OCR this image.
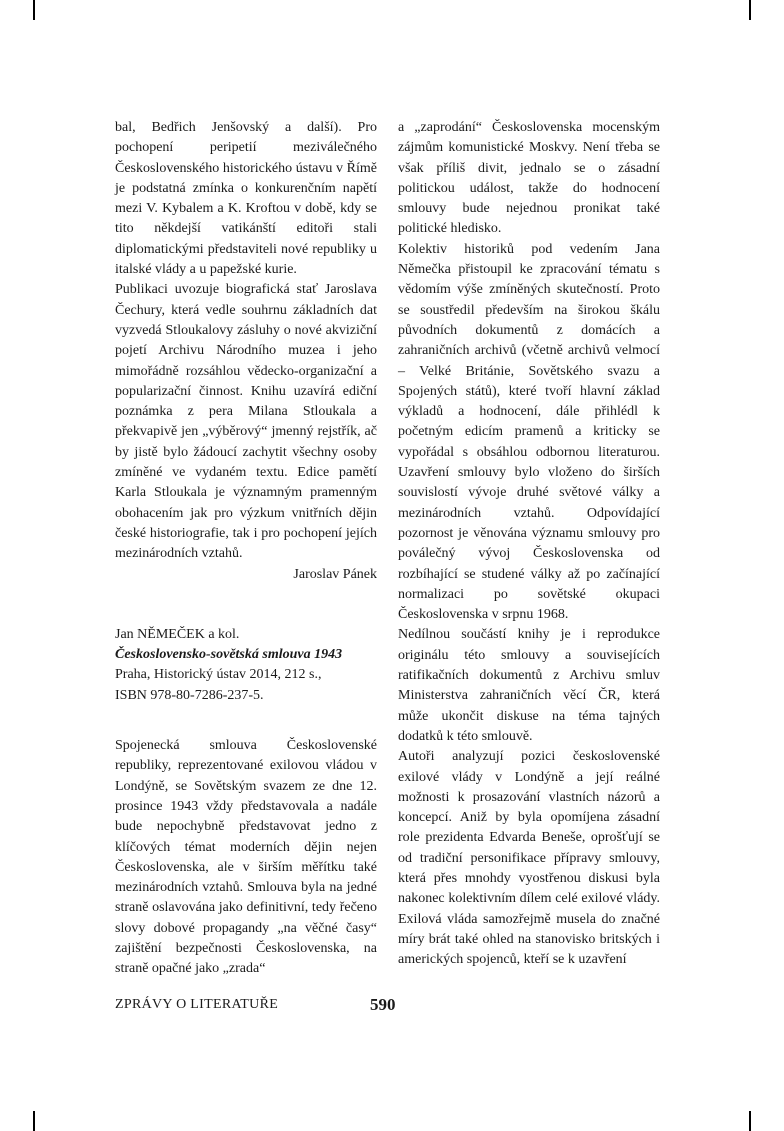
bal, Bedřich Jenšovský a další). Pro pochopení peripetií meziválečného Československého historického ústavu v Římě je podstatná zmínka o konkurenčním napětí mezi V. Kybalem a K. Kroftou v době, kdy se tito někdejší vatikánští editoři stali diplomatickými představiteli nové republiky u italské vlády a u papežské kurie.

Publikaci uvozuje biografická stať Jaroslava Čechury, která vedle souhrnu základních dat vyzvedá Stloukalovy zásluhy o nové akviziční pojetí Archivu Národního muzea i jeho mimořádně rozsáhlou vědecko-organizační a popularizační činnost. Knihu uzavírá ediční poznámka z pera Milana Stloukala a překvapivě jen „výběrový“ jmenný rejstřík, ač by jistě bylo žádoucí zachytit všechny osoby zmíněné ve vydaném textu. Edice pamětí Karla Stloukala je významným pramenným obohacením jak pro výzkum vnitřních dějin české historiografie, tak i pro pochopení jejích mezinárodních vztahů.

Jaroslav Pánek

Jan NĚMEČEK a kol.

Československo-sovětská smlouva 1943

Praha, Historický ústav 2014, 212 s.,

ISBN 978-80-7286-237-5.

Spojenecká smlouva Československé republiky, reprezentované exilovou vládou v Londýně, se Sovětským svazem ze dne 12. prosince 1943 vždy představovala a nadále bude nepochybně představovat jedno z klíčových témat moderních dějin nejen Československa, ale v širším měřítku také mezinárodních vztahů. Smlouva byla na jedné straně oslavována jako definitivní, tedy řečeno slovy dobové propagandy „na věčné časy“ zajištění bezpečnosti Československa, na straně opačné jako „zrada“

a „zaprodání“ Československa mocenským zájmům komunistické Moskvy. Není třeba se však příliš divit, jednalo se o zásadní politickou událost, takže do hodnocení smlouvy bude nejednou pronikat také politické hledisko.

Kolektiv historiků pod vedením Jana Němečka přistoupil ke zpracování tématu s vědomím výše zmíněných skutečností. Proto se soustředil především na širokou škálu původních dokumentů z domácích a zahraničních archivů (včetně archivů velmocí – Velké Británie, Sovětského svazu a Spojených států), které tvoří hlavní základ výkladů a hodnocení, dále přihlédl k početným edicím pramenů a kriticky se vypořádal s obsáhlou odbornou literaturou. Uzavření smlouvy bylo vloženo do širších souvislostí vývoje druhé světové války a mezinárodních vztahů. Odpovídající pozornost je věnována významu smlouvy pro poválečný vývoj Československa od rozbíhající se studené války až po začínající normalizaci po sovětské okupaci Československa v srpnu 1968.

Nedílnou součástí knihy je i reprodukce originálu této smlouvy a souvisejících ratifikačních dokumentů z Archivu smluv Ministerstva zahraničních věcí ČR, která může ukončit diskuse na téma tajných dodatků k této smlouvě.

Autoři analyzují pozici československé exilové vlády v Londýně a její reálné možnosti k prosazování vlastních názorů a koncepcí. Aniž by byla opomíjena zásadní role prezidenta Edvarda Beneše, oprošťují se od tradiční personifikace přípravy smlouvy, která přes mnohdy vyostřenou diskusi byla nakonec kolektivním dílem celé exilové vlády. Exilová vláda samozřejmě musela do značné míry brát také ohled na stanovisko britských i amerických spojenců, kteří se k uzavření

ZPRÁVY O LITERATUŘE	590
